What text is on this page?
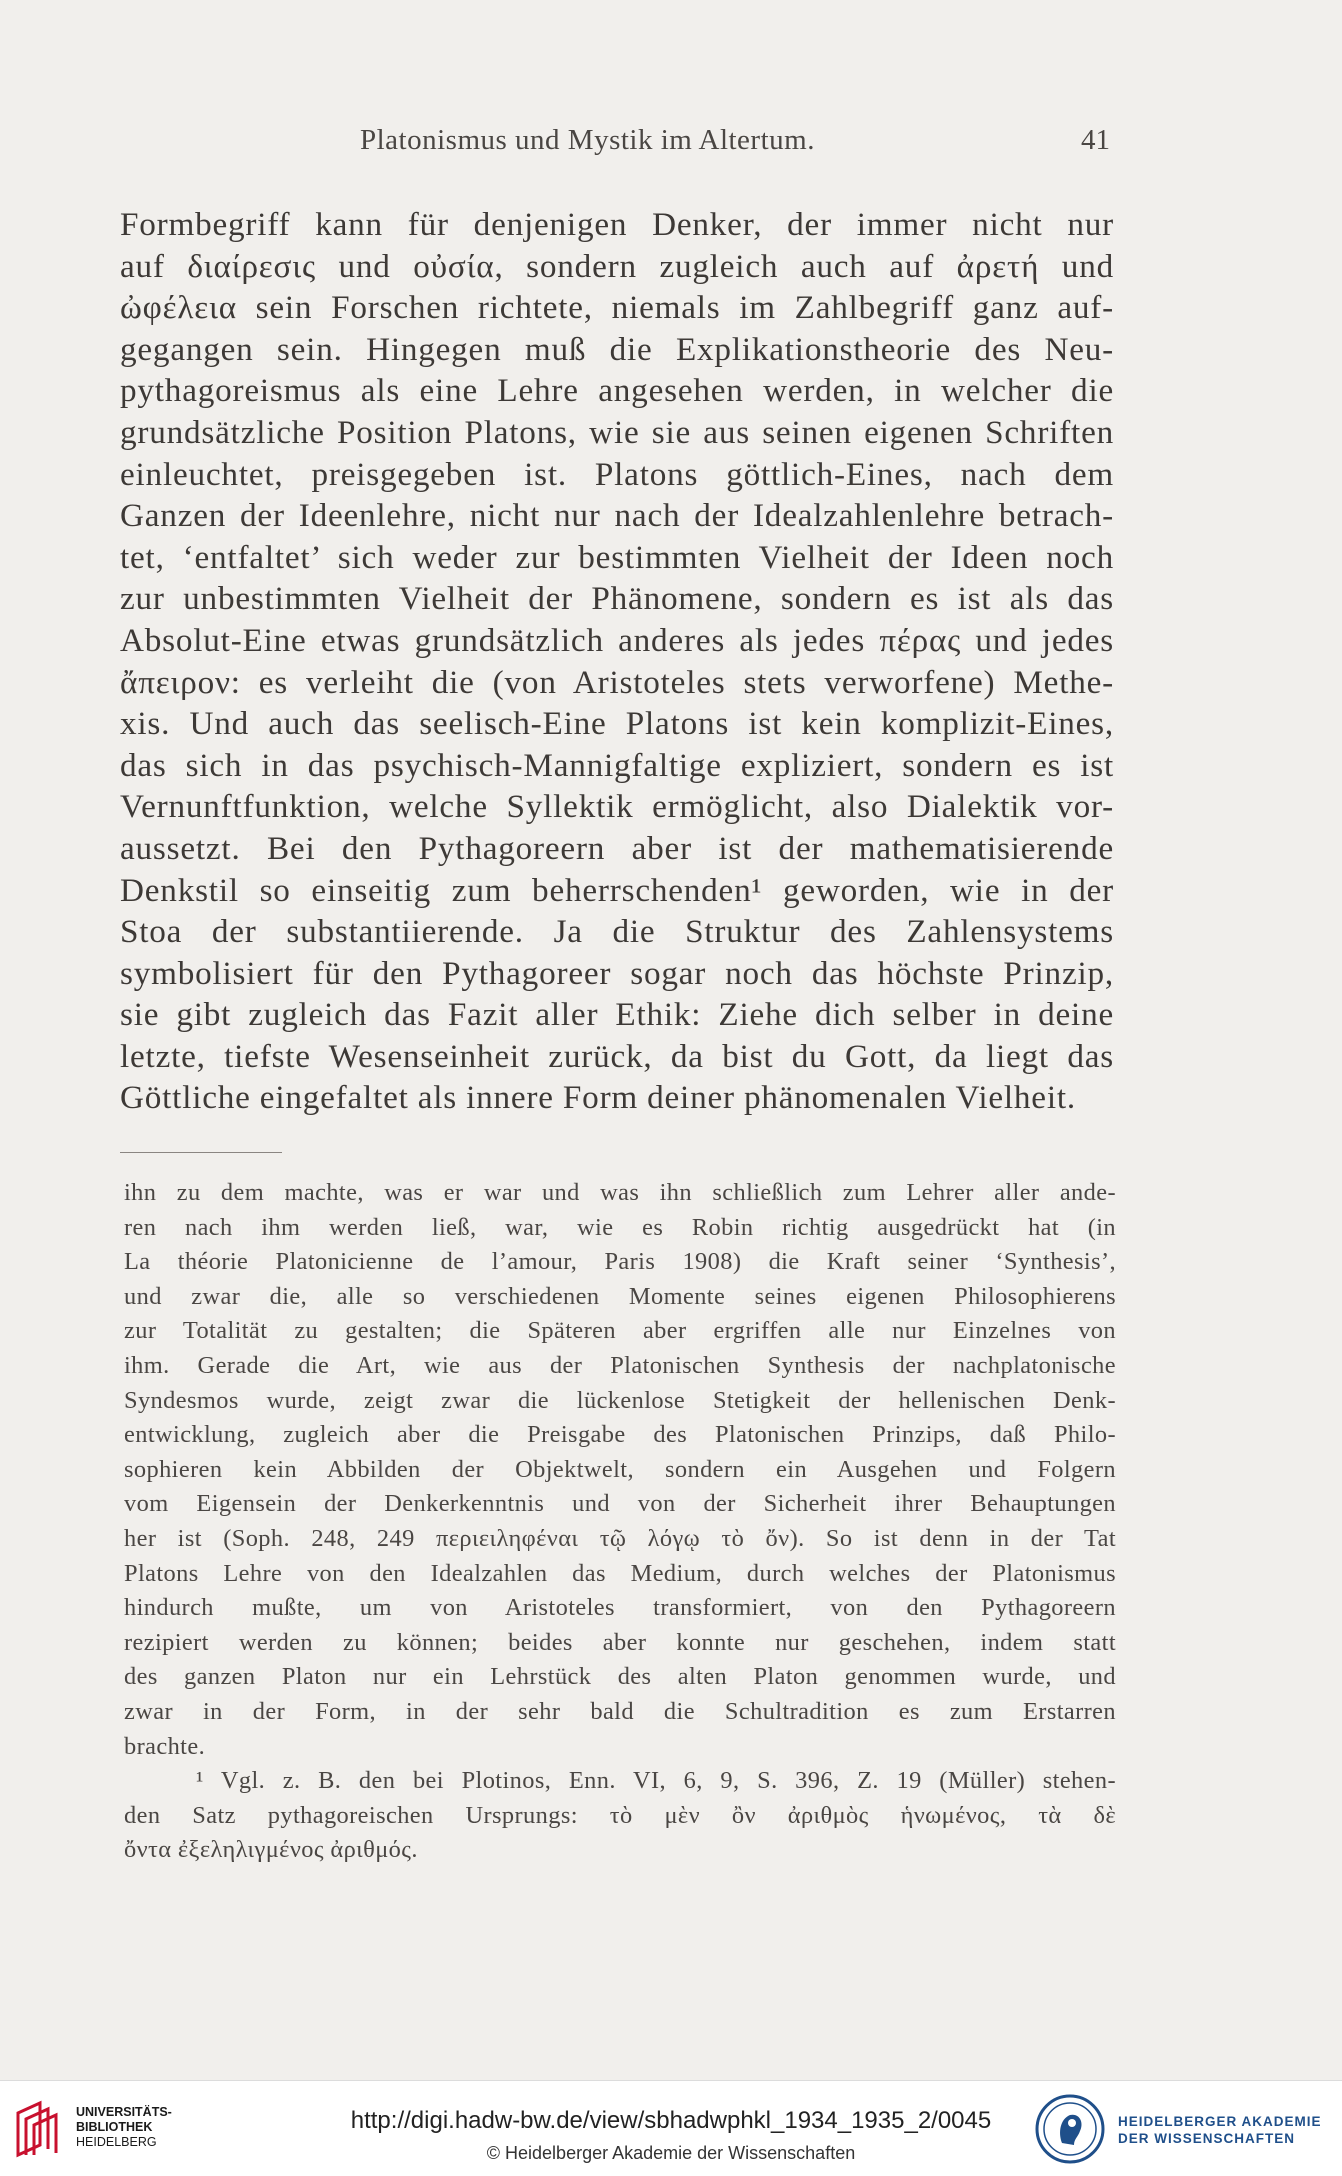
Platonismus und Mystik im Altertum.	41
Formbegriff kann für denjenigen Denker, der immer nicht nur
auf διαίρεσις und οὐσία, sondern zugleich auch auf ἀρετή und
ὠφέλεια sein Forschen richtete, niemals im Zahlbegriff ganz auf-
gegangen sein. Hingegen muß die Explikationstheorie des Neu-
pythagoreismus als eine Lehre angesehen werden, in welcher die
grundsätzliche Position Platons, wie sie aus seinen eigenen Schriften
einleuchtet, preisgegeben ist. Platons göttlich-Eines, nach dem
Ganzen der Ideenlehre, nicht nur nach der Idealzahlenlehre betrach-
tet, ‘entfaltet’ sich weder zur bestimmten Vielheit der Ideen noch
zur unbestimmten Vielheit der Phänomene, sondern es ist als das
Absolut-Eine etwas grundsätzlich anderes als jedes πέρας und jedes
ἄπειρον: es verleiht die (von Aristoteles stets verworfene) Methe-
xis. Und auch das seelisch-Eine Platons ist kein komplizit-Eines,
das sich in das psychisch-Mannigfaltige expliziert, sondern es ist
Vernunftfunktion, welche Syllektik ermöglicht, also Dialektik vor-
aussetzt. Bei den Pythagoreern aber ist der mathematisierende
Denkstil so einseitig zum beherrschenden¹ geworden, wie in der
Stoa der substantiierende. Ja die Struktur des Zahlensystems
symbolisiert für den Pythagoreer sogar noch das höchste Prinzip,
sie gibt zugleich das Fazit aller Ethik: Ziehe dich selber in deine
letzte, tiefste Wesenseinheit zurück, da bist du Gott, da liegt das
Göttliche eingefaltet als innere Form deiner phänomenalen Vielheit.
ihn zu dem machte, was er war und was ihn schließlich zum Lehrer aller ande-
ren nach ihm werden ließ, war, wie es Robin richtig ausgedrückt hat (in
La théorie Platonicienne de l’amour, Paris 1908) die Kraft seiner ‘Synthesis’,
und zwar die, alle so verschiedenen Momente seines eigenen Philosophierens
zur Totalität zu gestalten; die Späteren aber ergriffen alle nur Einzelnes von
ihm. Gerade die Art, wie aus der Platonischen Synthesis der nachplatonische
Syndesmos wurde, zeigt zwar die lückenlose Stetigkeit der hellenischen Denk-
entwicklung, zugleich aber die Preisgabe des Platonischen Prinzips, daß Philo-
sophieren kein Abbilden der Objektwelt, sondern ein Ausgehen und Folgern
vom Eigensein der Denkerkenntnis und von der Sicherheit ihrer Behauptungen
her ist (Soph. 248, 249 περιειληφέναι τῷ λόγῳ τὸ ὄν). So ist denn in der Tat
Platons Lehre von den Idealzahlen das Medium, durch welches der Platonismus
hindurch mußte, um von Aristoteles transformiert, von den Pythagoreern
rezipiert werden zu können; beides aber konnte nur geschehen, indem statt
des ganzen Platon nur ein Lehrstück des alten Platon genommen wurde, und
zwar in der Form, in der sehr bald die Schultradition es zum Erstarren
brachte.
¹ Vgl. z. B. den bei Plotinos, Enn. VI, 6, 9, S. 396, Z. 19 (Müller) stehen-
den Satz pythagoreischen Ursprungs: τὸ μὲν ὂν ἀριθμὸς ἡνωμένος, τὰ δὲ
ὄντα ἐξεληλιγμένος ἀριθμός.
UNIVERSITÄTS-
BIBLIOTHEK
HEIDELBERG
http://digi.hadw-bw.de/view/sbhadwphkl_1934_1935_2/0045
© Heidelberger Akademie der Wissenschaften
HEIDELBERGER AKADEMIE
DER WISSENSCHAFTEN
